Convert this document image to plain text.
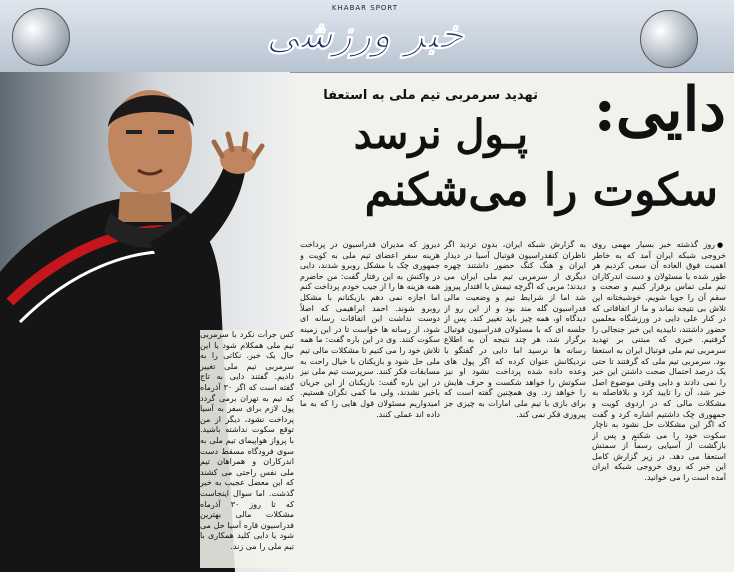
KHABAR SPORT
خبر ورزشی
تهدید سرمربی تیم ملی به استعفا دایی:
پـول نرسد
سکوت را می‌شکنم
●روز گذشته خبر بسیار مهمی روی خروجی شبکه ایران آمد که به خاطر اهمیت فوق العاده آن سعی کردیم هر طور شده با مسئولان و دست اندرکاران تیم ملی تماس برقرار کنیم و صحت و سقم آن را جویا شویم. خوشبختانه این تلاش بی نتیجه نماند و ما از اتفاقاتی که در کنار علی دایی در ورزشگاه معلمین حضور داشتند، تاییدیه این خبر جنجالی را گرفتیم. خبری که مبتنی بر تهدید سرمربی تیم ملی فوتبال ایران به استعفا بود. سرمربی تیم ملی که گرفتند تا حتی یک درصد احتمال صحت داشتن این خبر را نمی دادند و دایی وقتی موضوع اصل خبر شد، آن را تایید کرد و بلافاصله به مشکلات مالی که در اردوی کویت و جمهوری چک داشتیم اشاره کرد و گفت که اگر این مشکلات حل نشود به ناچار سکوت خود را می شکنم و پس از بازگشت از آسیایی رسماً از سمتش استعفا می دهد. در زیر گزارش کامل این خبر که روی خروجی شبکه ایران آمده است را می خوانید.
به گزارش شبکه ایران، بدون تردید اگر ناظران کنفدراسیون فوتبال آسیا در دیدار ایران و هنگ کنگ حضور داشتند چهره دیگری از سرمربی تیم ملی ایران می دیدند؛ مربی که اگرچه تیمش با اقتدار پیروز شد اما از شرایط تیم و وضعیت مالی فدراسیون گله مند بود و از این رو از دیدگاه او، همه چیز باید تغییر کند. پس از جلسه ای که با مسئولان فدراسیون فوتبال برگزار شد، هر چند نتیجه آن به اطلاع رسانه ها نرسید اما دایی در گفتگو با نزدیکانش عنوان کرده که اگر پول های وعده داده شده پرداخت نشود او نیز سکوتش را خواهد شکست و حرف هایش را خواهد زد. وی همچنین گفته است که برای بازی با تیم ملی امارات به چیزی جز پیروزی فکر نمی کند.
دیروز که مدیران فدراسیون در پرداخت هزینه سفر اعضای تیم ملی به کویت و جمهوری چک با مشکل روبرو شدند، دایی در واکنش به این رفتار گفت: من حاضرم همه هزینه ها را از جیب خودم پرداخت کنم اما اجازه نمی دهم بازیکنانم با مشکل روبرو شوند. احمد ابراهیمی که اصلاً دوست نداشت این اتفاقات رسانه ای شود، از رسانه ها خواست تا در این زمینه سکوت کنند. وی در این باره گفت: ما همه تلاش خود را می کنیم تا مشکلات مالی تیم ملی حل شود و بازیکنان با خیال راحت به مسابقات فکر کنند. سرپرست تیم ملی نیز در این باره گفت: بازیکنان از این جریان باخبر نشدند، ولی ما کمی نگران هستیم. امیدواریم مسئولان قول هایی را که به ما داده اند عملی کنند.
کس جرأت نکرد با سرمربی تیم ملی همکلام شود یا این حال یک خبر. نکاتی را به سرمربی تیم ملی تغییر دادیم. گفتند دایی به تاج گفته است که اگر ۳۰ آذرماه که تیم به تهران برمی گردد پول لازم برای سفر به آسیا پرداخت نشود، دیگر از من توقع سکوت نداشته باشید. با پرواز هواپیمای تیم ملی به سوی فرودگاه مسقط دست اندرکاران و همراهان تیم ملی نفس راحتی می کشند که این معضل عجیب به خیر گذشت. اما سوال اینجاست که تا روز ۳۰ آذرماه مشکلات مالی بهترین فدراسیون قاره آسیا حل می شود یا دایی کلید همکاری با تیم ملی را می زند.
